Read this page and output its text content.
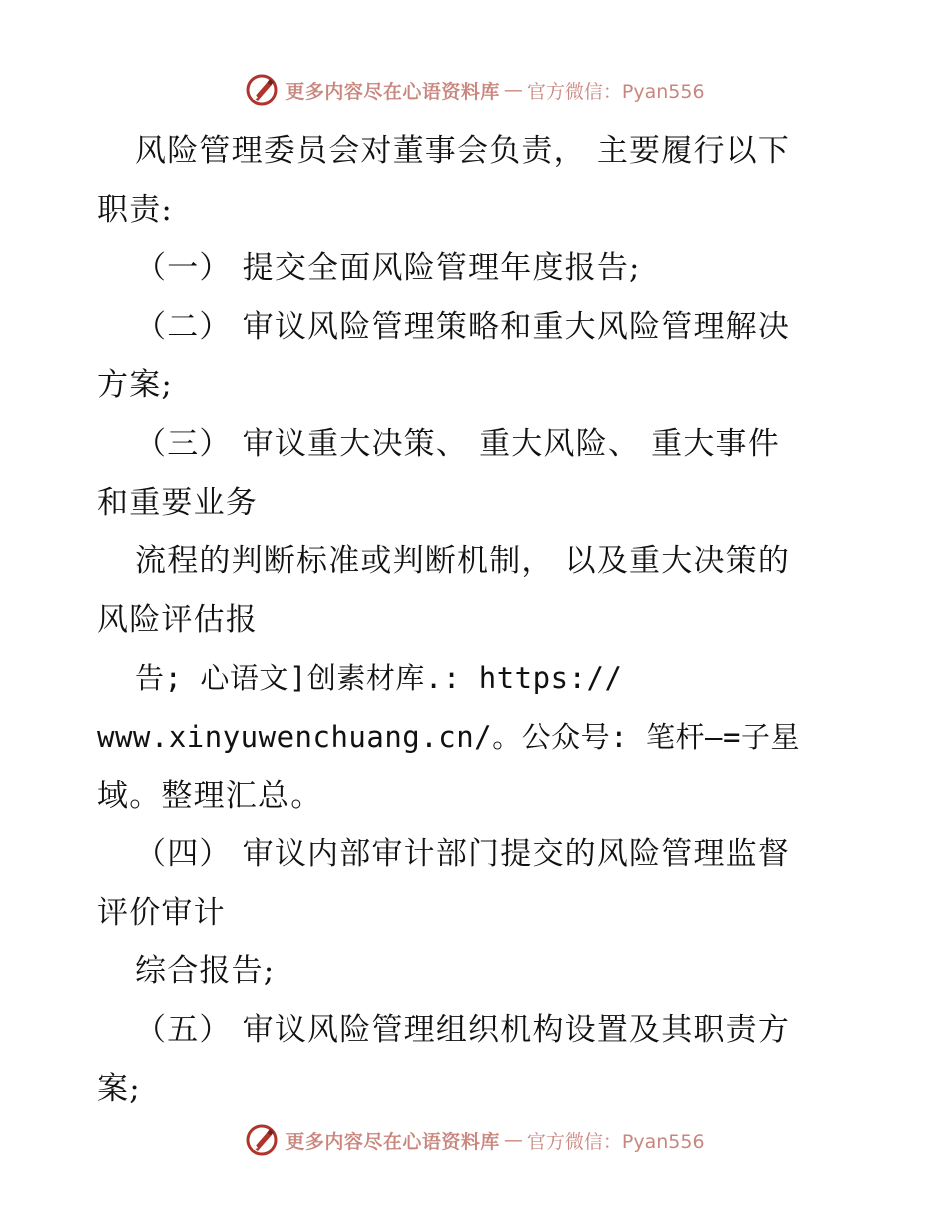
更多内容尽在心语资料库 — 官方微信：Pyan556
风险管理委员会对董事会负责， 主要履行以下
职责:
（一） 提交全面风险管理年度报告;
（二） 审议风险管理策略和重大风险管理解决
方案;
（三） 审议重大决策、 重大风险、 重大事件
和重要业务
流程的判断标准或判断机制， 以及重大决策的
风险评估报
告; 心语文]创素材库.: https://
www.xinyuwenchuang.cn/。公众号: 笔杆—=子星
域。整理汇总。
（四） 审议内部审计部门提交的风险管理监督
评价审计
综合报告;
（五） 审议风险管理组织机构设置及其职责方
案;
更多内容尽在心语资料库 — 官方微信：Pyan556
